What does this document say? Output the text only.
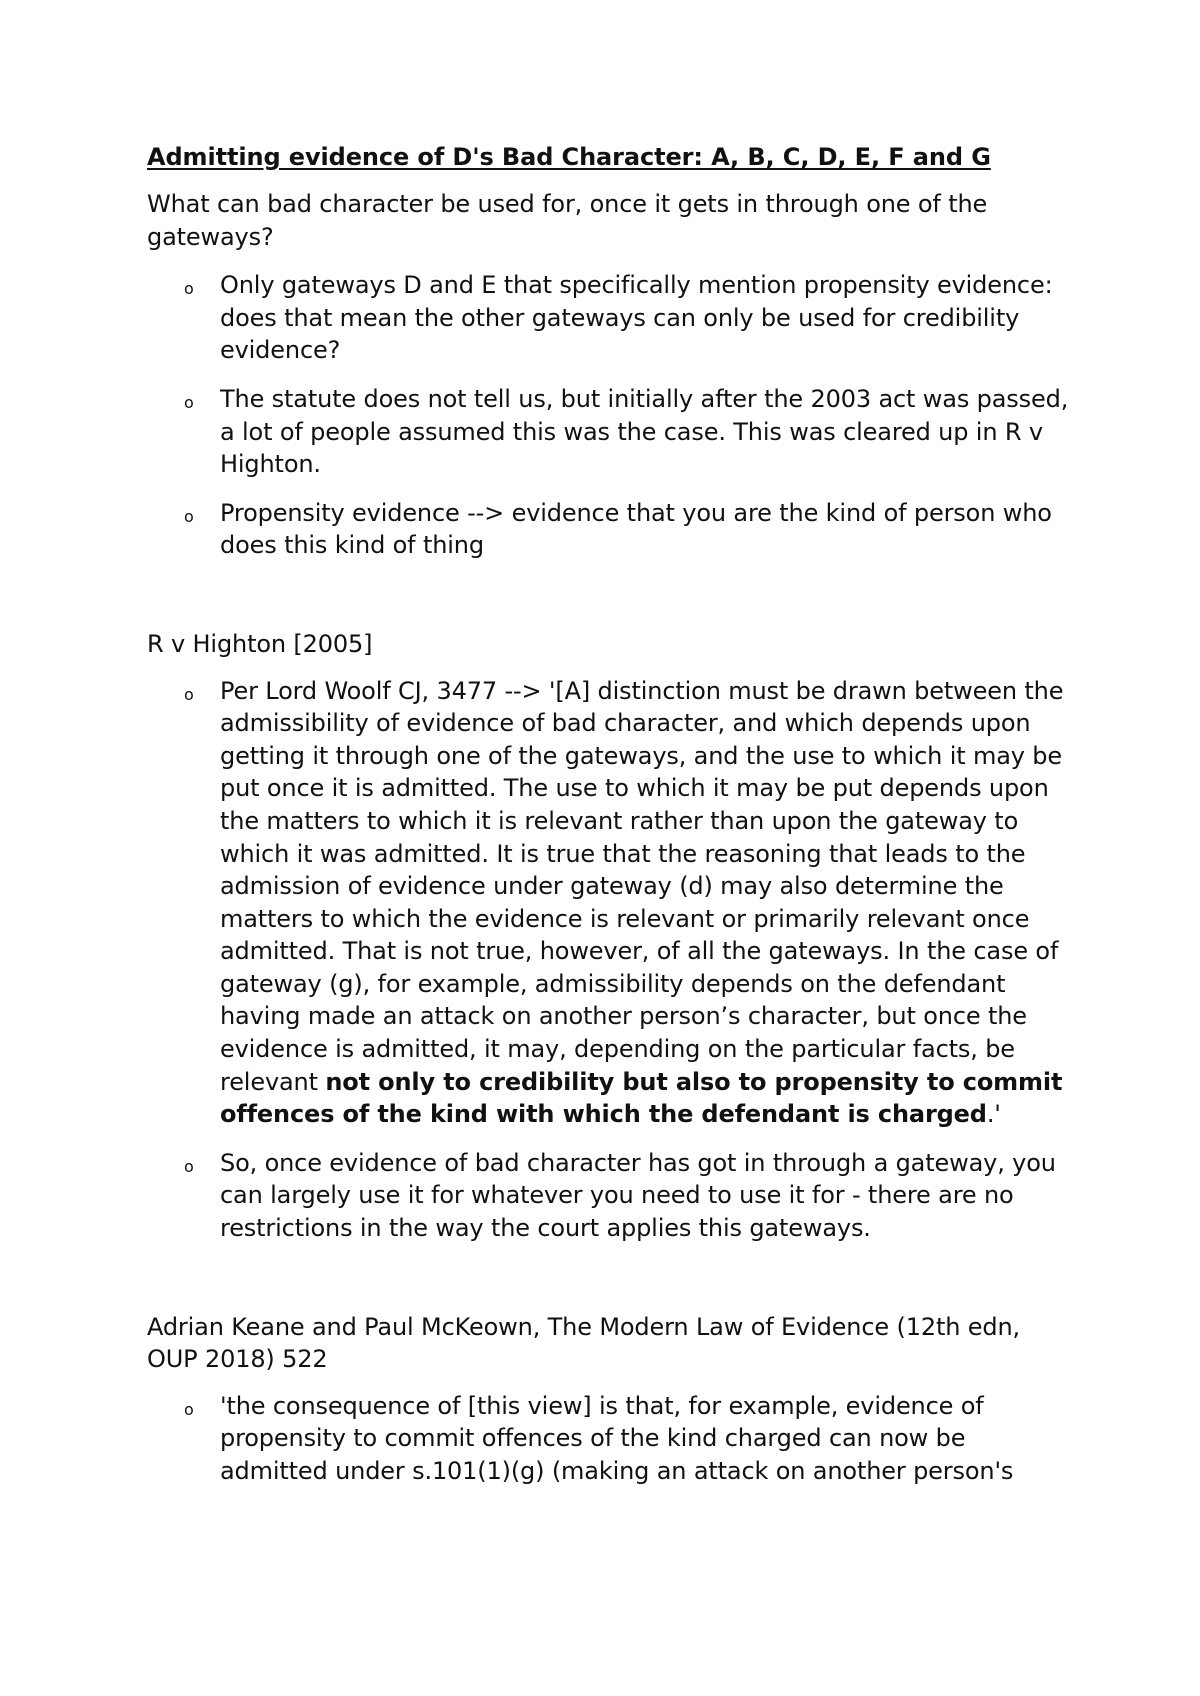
Admitting evidence of D's Bad Character: A, B, C, D, E, F and G

What can bad character be used for, once it gets in through one of the gateways?

o Only gateways D and E that specifically mention propensity evidence: does that mean the other gateways can only be used for credibility evidence?
o The statute does not tell us, but initially after the 2003 act was passed, a lot of people assumed this was the case. This was cleared up in R v Highton.
o Propensity evidence --> evidence that you are the kind of person who does this kind of thing

R v Highton [2005]

o Per Lord Woolf CJ, 3477 --> '[A] distinction must be drawn between the admissibility of evidence of bad character, and which depends upon getting it through one of the gateways, and the use to which it may be put once it is admitted. The use to which it may be put depends upon the matters to which it is relevant rather than upon the gateway to which it was admitted. It is true that the reasoning that leads to the admission of evidence under gateway (d) may also determine the matters to which the evidence is relevant or primarily relevant once admitted. That is not true, however, of all the gateways. In the case of gateway (g), for example, admissibility depends on the defendant having made an attack on another person’s character, but once the evidence is admitted, it may, depending on the particular facts, be relevant not only to credibility but also to propensity to commit offences of the kind with which the defendant is charged.'
o So, once evidence of bad character has got in through a gateway, you can largely use it for whatever you need to use it for - there are no restrictions in the way the court applies this gateways.

Adrian Keane and Paul McKeown, The Modern Law of Evidence (12th edn, OUP 2018) 522

o 'the consequence of [this view] is that, for example, evidence of propensity to commit offences of the kind charged can now be admitted under s.101(1)(g) (making an attack on another person's
